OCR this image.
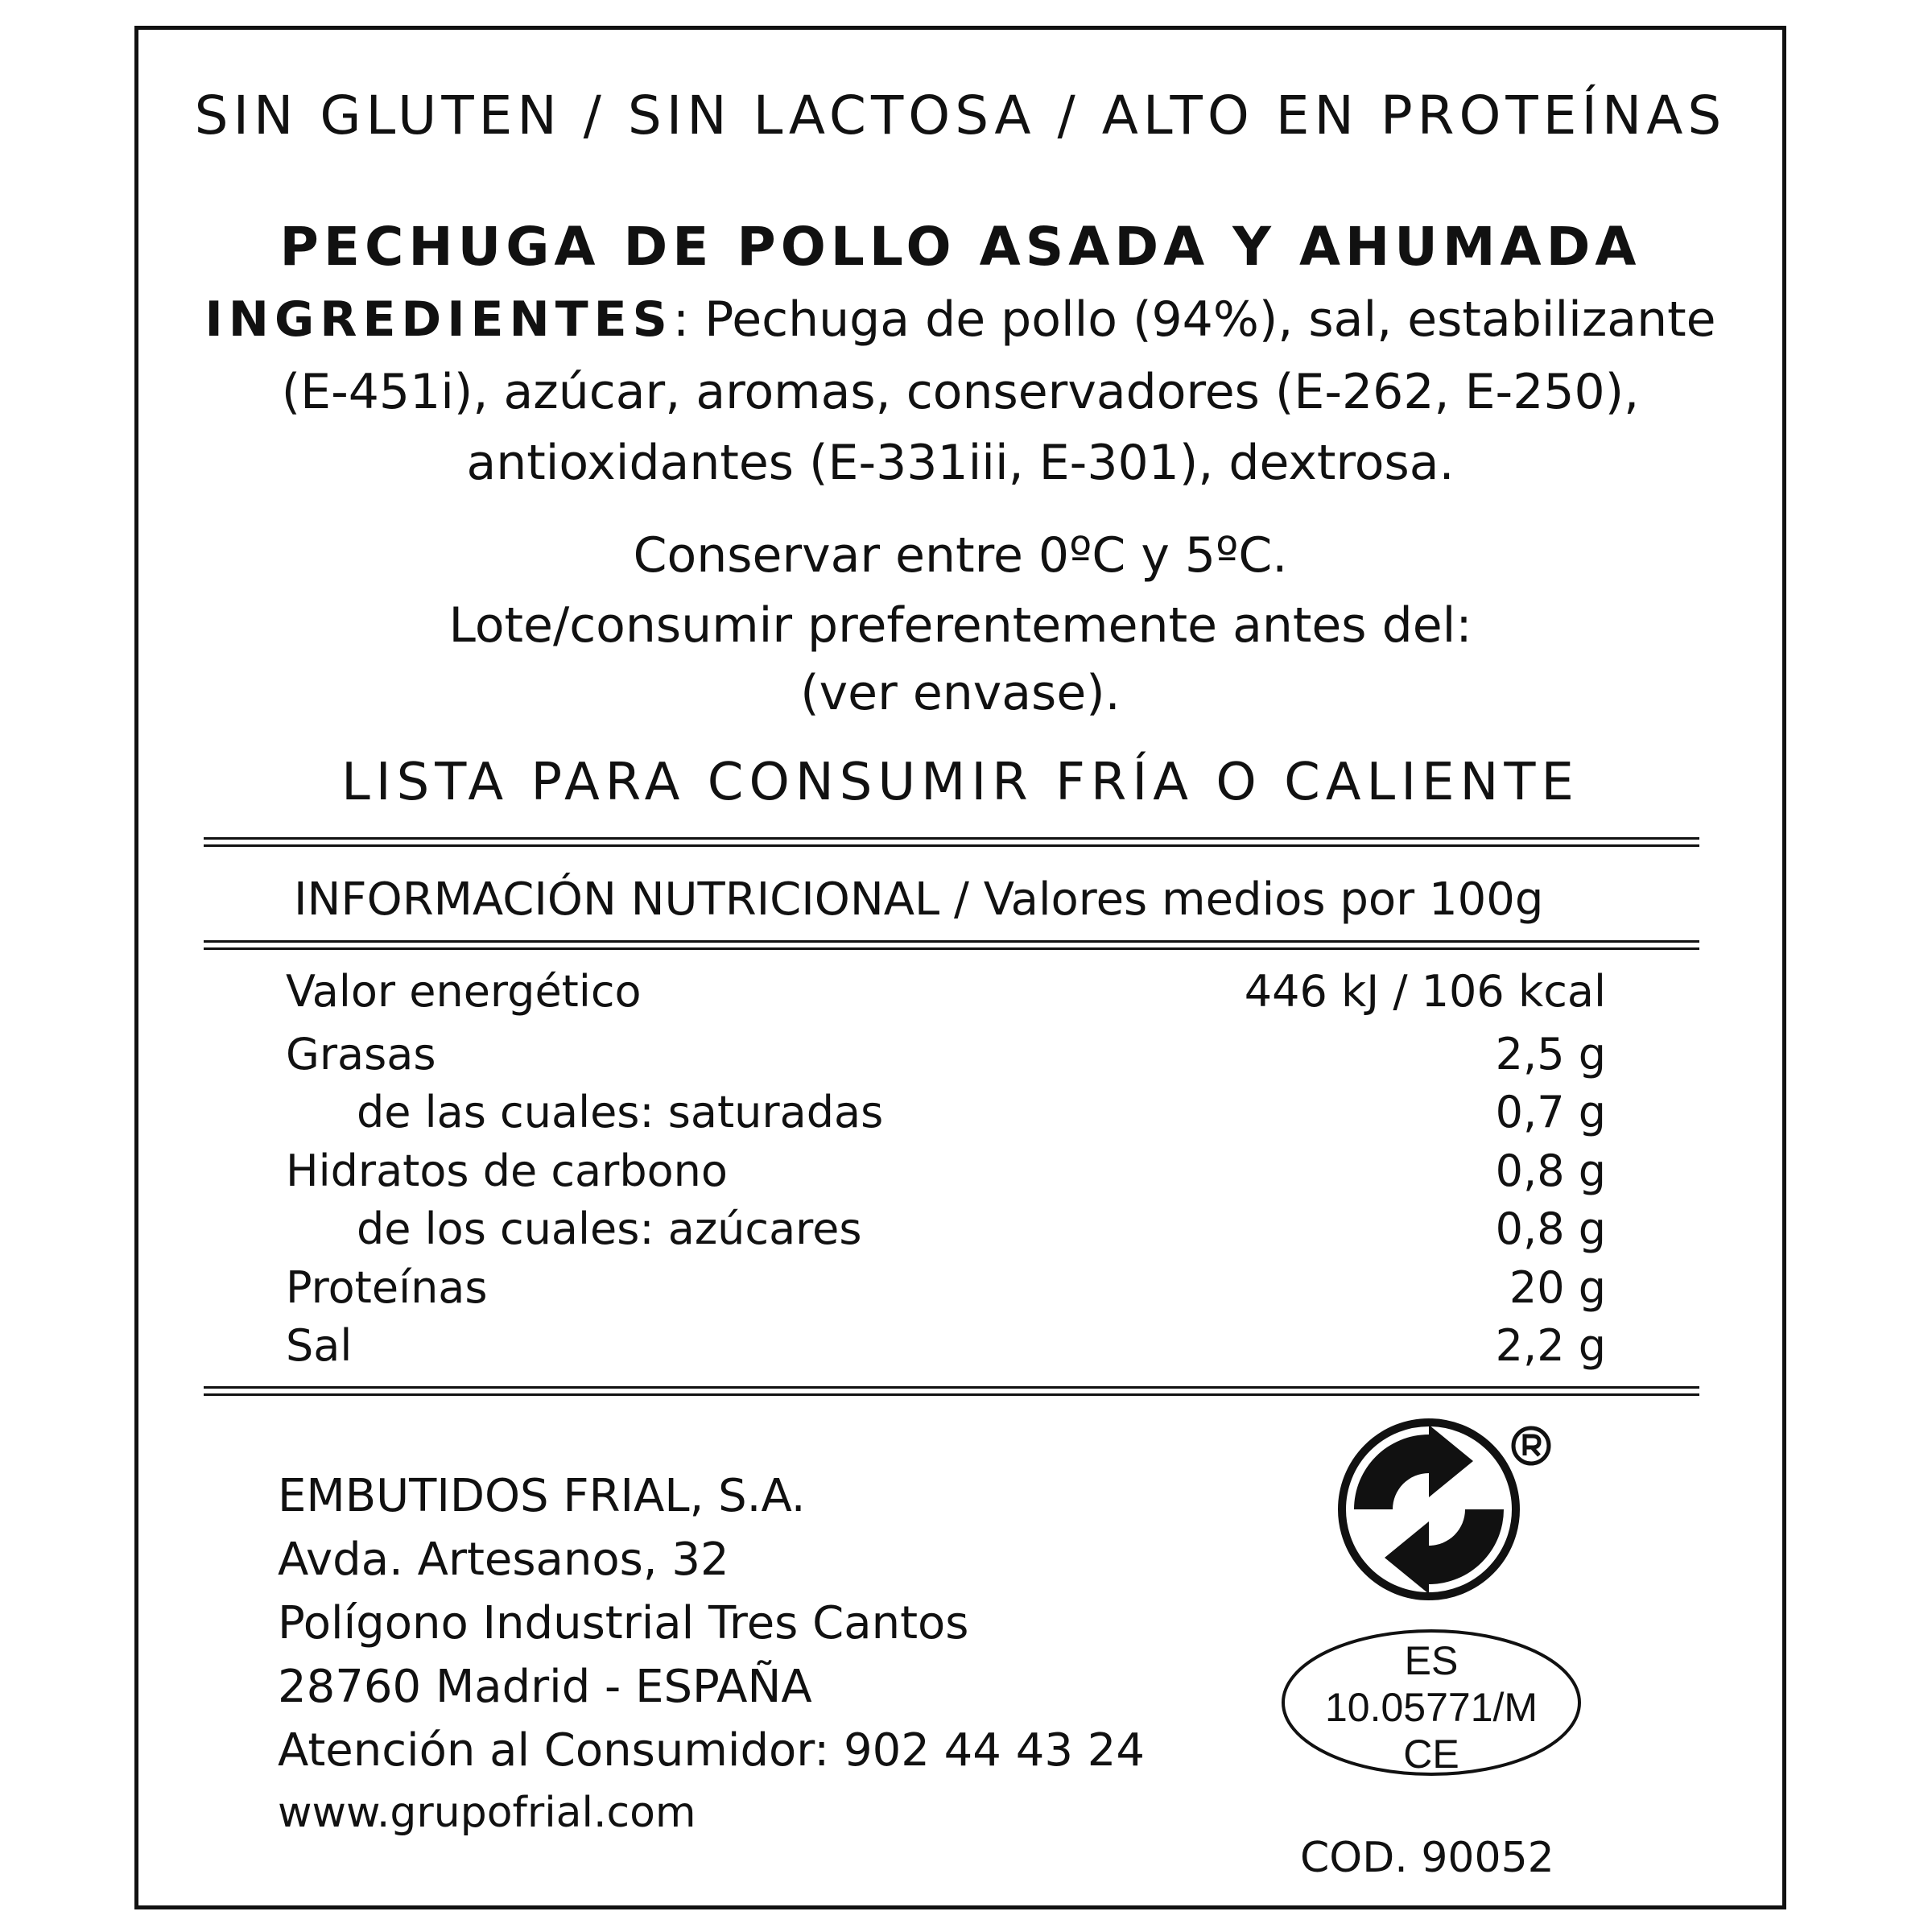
SIN GLUTEN / SIN LACTOSA / ALTO EN PROTEÍNAS
PECHUGA DE POLLO ASADA Y AHUMADA
INGREDIENTES: Pechuga de pollo (94%), sal, estabilizante
(E-451i), azúcar, aromas, conservadores (E-262, E-250),
antioxidantes (E-331iii, E-301), dextrosa.
Conservar entre 0ºC y 5ºC.
Lote/consumir preferentemente antes del:
(ver envase).
LISTA PARA CONSUMIR FRÍA O CALIENTE
INFORMACIÓN NUTRICIONAL / Valores medios por 100g
Valor energético	446 kJ / 106 kcal
Grasas	2,5 g
de las cuales: saturadas	0,7 g
Hidratos de carbono	0,8 g
de los cuales: azúcares	0,8 g
Proteínas	20 g
Sal	2,2 g
EMBUTIDOS FRIAL, S.A.
Avda. Artesanos, 32
Polígono Industrial Tres Cantos
28760 Madrid - ESPAÑA
Atención al Consumidor: 902 44 43 24
www.grupofrial.com
ES
10.05771/M
CE
COD. 90052
